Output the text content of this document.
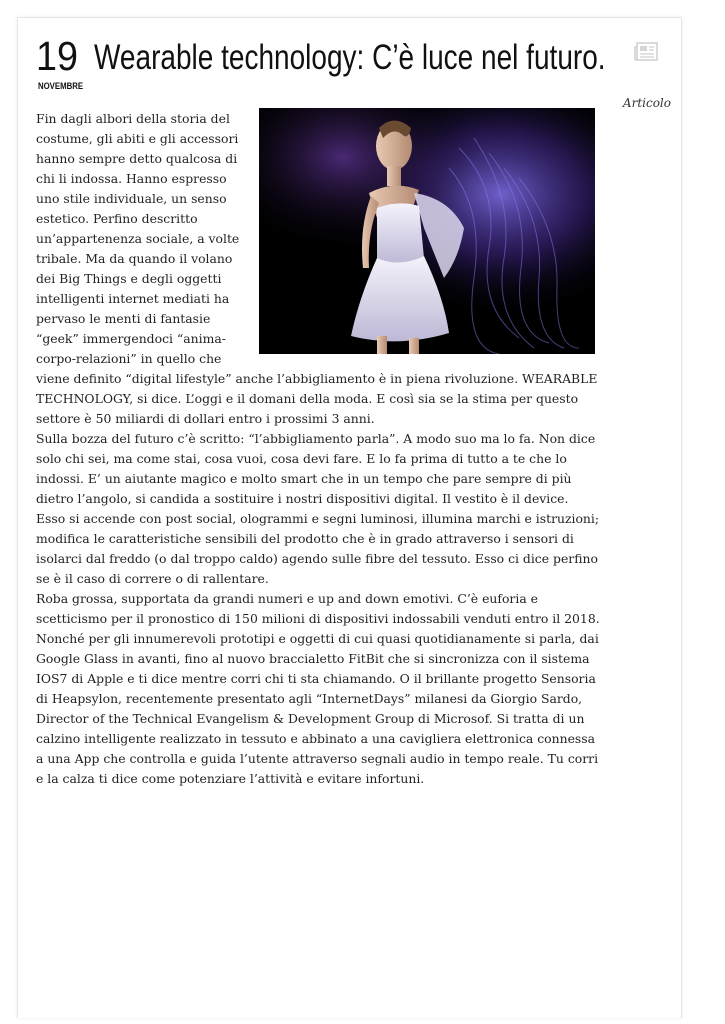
19
NOVEMBRE
Wearable technology: C’è luce nel futuro.
Articolo

Fin dagli albori della storia del costume, gli abiti e gli accessori hanno sempre detto qualcosa di chi li indossa. Hanno espresso uno stile individuale, un senso estetico. Perfino descritto un’appartenenza sociale, a volte tribale. Ma da quando il volano dei Big Things e degli oggetti intelligenti internet mediati ha pervaso le menti di fantasie “geek” immergendoci “anima-corpo-relazioni” in quello che viene definito “digital lifestyle” anche l’abbigliamento è in piena rivoluzione. WEARABLE TECHNOLOGY, si dice. L’oggi e il domani della moda. E così sia se la stima per questo settore è 50 miliardi di dollari entro i prossimi 3 anni.

Sulla bozza del futuro c’è scritto: “l’abbigliamento parla”. A modo suo ma lo fa. Non dice solo chi sei, ma come stai, cosa vuoi, cosa devi fare. E lo fa prima di tutto a te che lo indossi. E’ un aiutante magico e molto smart che in un tempo che pare sempre di più dietro l’angolo, si candida a sostituire i nostri dispositivi digital. Il vestito è il device. Esso si accende con post social, ologrammi e segni luminosi, illumina marchi e istruzioni; modifica le caratteristiche sensibili del prodotto che è in grado attraverso i sensori di isolarci dal freddo (o dal troppo caldo) agendo sulle fibre del tessuto. Esso ci dice perfino se è il caso di correre o di rallentare.

Roba grossa, supportata da grandi numeri e up and down emotivi. C’è euforia e scetticismo per il pronostico di 150 milioni di dispositivi indossabili venduti entro il 2018. Nonché per gli innumerevoli prototipi e oggetti di cui quasi quotidianamente si parla, dai Google Glass in avanti, fino al nuovo braccialetto FitBit che si sincronizza con il sistema IOS7 di Apple e ti dice mentre corri chi ti sta chiamando. O il brillante progetto Sensoria di Heapsylon, recentemente presentato agli “InternetDays” milanesi da Giorgio Sardo, Director of the Technical Evangelism & Development Group di Microsof. Si tratta di un calzino intelligente realizzato in tessuto e abbinato a una cavigliera elettronica connessa a una App che controlla e guida l’utente attraverso segnali audio in tempo reale. Tu corri e la calza ti dice come potenziare l’attività e evitare infortuni.
